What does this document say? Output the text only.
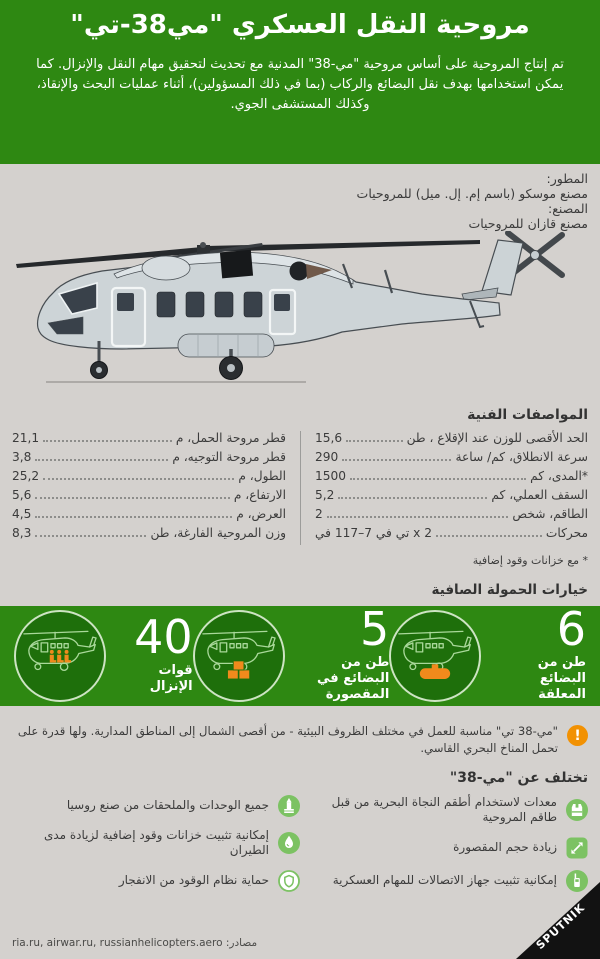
مروحية النقل العسكري "مي38-تي"
تم إنتاج المروحية على أساس مروحية "مي-38" المدنية مع تحديث لتحقيق مهام النقل والإنزال. كما يمكن استخدامها بهدف نقل البضائع والركاب (بما في ذلك المسؤولين)، أثناء عمليات البحث والإنقاذ، وكذلك المستشفى الجوي.
المطور:
مصنع موسكو (باسم إم. إل. ميل) للمروحيات
المصنع:
مصنع قازان للمروحيات
المواصفات الفنية
الحد الأقصى للوزن عند الإقلاع ، طن
15,6
سرعة الانطلاق، كم/ ساعة
290
*المدى، كم
1500
السقف العملي، كم
5,2
الطاقم، شخص
2
محركات
2 x تي في 7–117 في
قطر مروحة الحمل، م
21,1
قطر مروحة التوجيه، م
3,8
الطول، م
25,2
الارتفاع، م
5,6
العرض، م
4,5
وزن المروحية الفارغة، طن
8,3
* مع خزانات وقود إضافية
خيارات الحمولة الصافية
6
طن من البضائع المعلقة
5
طن من البضائع في المقصورة
40
قوات الإنزال
!
"مي-38 تي" مناسبة للعمل في مختلف الظروف البيئية - من أقصى الشمال إلى المناطق المدارية. ولها قدرة على تحمل المناخ البحري القاسي.
تختلف عن "مي-38"
معدات لاستخدام أطقم النجاة البحرية من قبل طاقم المروحية
زيادة حجم المقصورة
إمكانية تثبيت جهاز الاتصالات للمهام العسكرية
جميع الوحدات والملحقات من صنع روسيا
إمكانية تثبيت خزانات وقود إضافية لزيادة مدى الطيران
حماية نظام الوقود من الانفجار
مصادر: ria.ru, airwar.ru, russianhelicopters.aero	SPUTNIK
